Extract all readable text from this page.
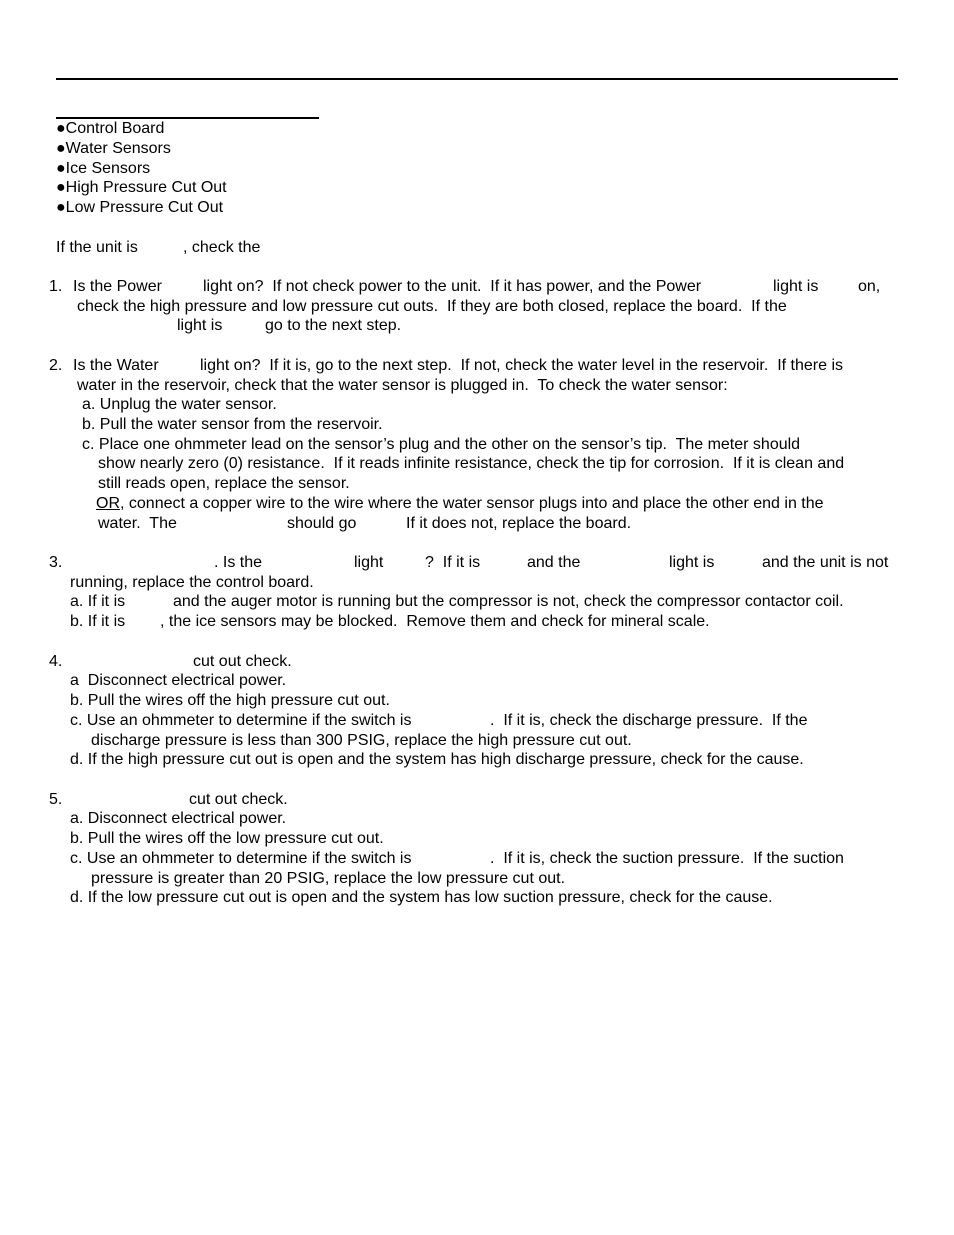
●Control Board
●Water Sensors
●Ice Sensors
●High Pressure Cut Out
●Low Pressure Cut Out
If the unit is	, check the
1. Is the Power	light on?  If not check power to the unit.  If it has power, and the Power	light is on,
check the high pressure and low pressure cut outs.  If they are both closed, replace the board.  If the
light is	go to the next step.
2. Is the Water	light on?  If it is, go to the next step.  If not, check the water level in the reservoir.  If there is
water in the reservoir, check that the water sensor is plugged in.  To check the water sensor:
a. Unplug the water sensor.
b. Pull the water sensor from the reservoir.
c. Place one ohmmeter lead on the sensor’s plug and the other on the sensor’s tip.  The meter should
show nearly zero (0) resistance.  If it reads infinite resistance, check the tip for corrosion.  If it is clean and
still reads open, replace the sensor.
OR, connect a copper wire to the wire where the water sensor plugs into and place the other end in the
water.  The	should go	If it does not, replace the board.
3.	. Is the	light	?  If it is	and the	light is	and the unit is not
running, replace the control board.
a. If it is	and the auger motor is running but the compressor is not, check the compressor contactor coil.
b. If it is , the ice sensors may be blocked.  Remove them and check for mineral scale.
4.	cut out check.
a  Disconnect electrical power.
b. Pull the wires off the high pressure cut out.
c. Use an ohmmeter to determine if the switch is	.  If it is, check the discharge pressure.  If the
discharge pressure is less than 300 PSIG, replace the high pressure cut out.
d. If the high pressure cut out is open and the system has high discharge pressure, check for the cause.
5.	cut out check.
a. Disconnect electrical power.
b. Pull the wires off the low pressure cut out.
c. Use an ohmmeter to determine if the switch is	.  If it is, check the suction pressure.  If the suction
pressure is greater than 20 PSIG, replace the low pressure cut out.
d. If the low pressure cut out is open and the system has low suction pressure, check for the cause.
